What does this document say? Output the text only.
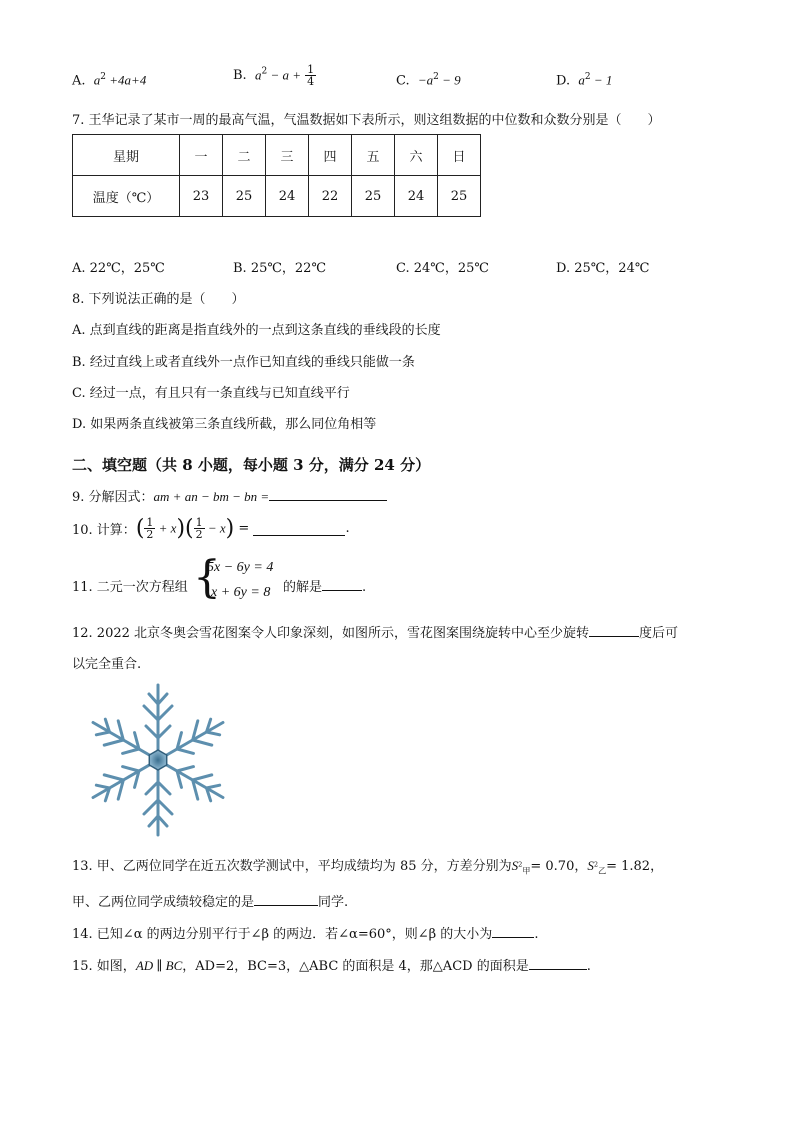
A. $a^2 +4a+4$	B. $a^2 - a + \frac{1}{4}$	C. $-a^2 - 9$	D. $a^2 - 1$
7. 王华记录了某市一周的最高气温，气温数据如下表所示，则这组数据的中位数和众数分别是（　　）
星期	一	二	三	四	五	六	日
温度（℃）	23	25	24	22	25	24	25
A. 22℃，25℃	B. 25℃，22℃	C. 24℃，25℃	D. 25℃，24℃
8. 下列说法正确的是（　　）
A. 点到直线的距离是指直线外的一点到这条直线的垂线段的长度
B. 经过直线上或者直线外一点作已知直线的垂线只能做一条
C. 经过一点，有且只有一条直线与已知直线平行
D. 如果两条直线被第三条直线所截，那么同位角相等
二、填空题（共 8 小题，每小题 3 分，满分 24 分）
9. 分解因式：am + an − bm − bn =
10. 计算：( $\frac{1}{2} + x)( \frac{1}{2} - x)$ =	.
11. 二元一次方程组 {
5x − 6y = 4
x + 6y = 8 的解是	.
12. 2022 北京冬奥会雪花图案令人印象深刻，如图所示，雪花图案围绕旋转中心至少旋转	度后可
以完全重合.
13. 甲、乙两位同学在近五次数学测试中，平均成绩均为 85 分，方差分别为$S^2_甲= 0.70$，$S^2_乙= 1.82$，
甲、乙两位同学成绩较稳定的是	同学.
14. 已知∠α 的两边分别平行于∠β 的两边．若∠α=60°，则∠β 的大小为	.
15. 如图，AD ∥ BC，AD=2，BC=3，△ABC 的面积是 4，那△ACD 的面积是	.
